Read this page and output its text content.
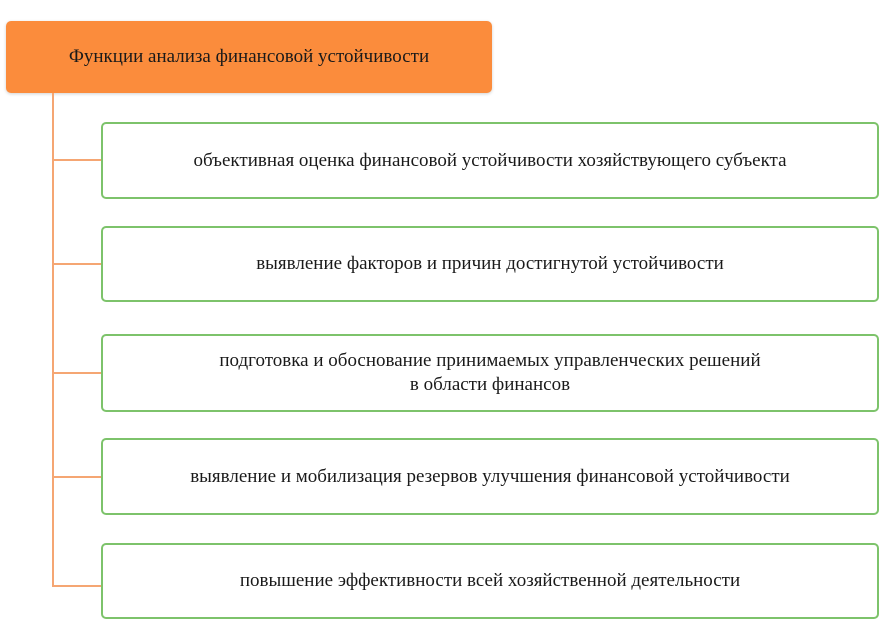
Функции анализа финансовой устойчивости
объективная оценка финансовой устойчивости хозяйствующего субъекта
выявление факторов и причин достигнутой устойчивости
подготовка и обоснование принимаемых управленческих решений
в области финансов
выявление и мобилизация резервов улучшения финансовой устойчивости
повышение эффективности всей хозяйственной деятельности
